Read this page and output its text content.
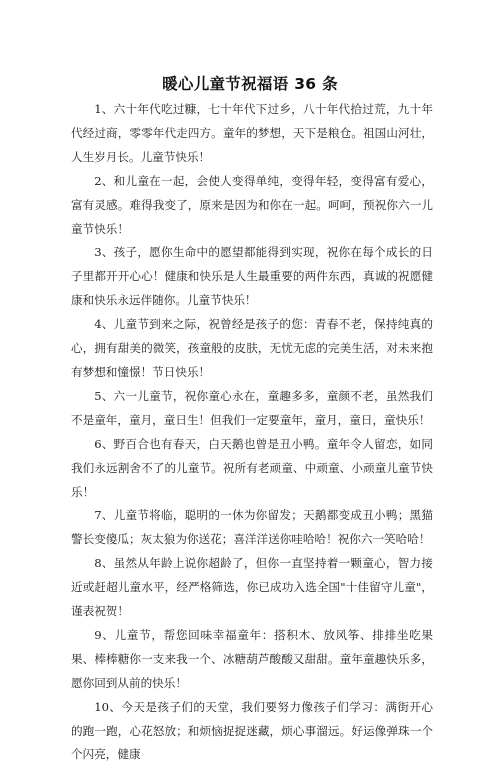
暖心儿童节祝福语 36 条

1、六十年代吃过糠，七十年代下过乡，八十年代拾过荒，九十年代经过商，零零年代走四方。童年的梦想，天下是粮仓。祖国山河壮，人生岁月长。儿童节快乐！

2、和儿童在一起，会使人变得单纯，变得年轻，变得富有爱心，富有灵感。难得我变了，原来是因为和你在一起。呵呵，预祝你六一儿童节快乐！

3、孩子，愿你生命中的愿望都能得到实现，祝你在每个成长的日子里都开开心心！健康和快乐是人生最重要的两件东西，真诚的祝愿健康和快乐永远伴随你。儿童节快乐！

4、儿童节到来之际，祝曾经是孩子的您：青春不老，保持纯真的心，拥有甜美的微笑，孩童般的皮肤，无忧无虑的完美生活，对未来抱有梦想和憧憬！节日快乐！

5、六一儿童节，祝你童心永在，童趣多多，童颜不老，虽然我们不是童年，童月，童日生！但我们一定要童年，童月，童日，童快乐！

6、野百合也有春天，白天鹅也曾是丑小鸭。童年令人留恋，如同我们永远割舍不了的儿童节。祝所有老顽童、中顽童、小顽童儿童节快乐！

7、儿童节将临，聪明的一休为你留发；天鹅都变成丑小鸭；黑猫警长变傻瓜；灰太狼为你送花；喜洋洋送你哇哈哈！祝你六一笑哈哈！

8、虽然从年龄上说你超龄了，但你一直坚持着一颗童心，智力接近或赶超儿童水平，经严格筛选，你已成功入选全国"十佳留守儿童"，谨表祝贺！

9、儿童节，帮您回味幸福童年：搭积木、放风筝、排排坐吃果果、棒棒糖你一支来我一个、冰糖葫芦酸酸又甜甜。童年童趣快乐多，愿你回到从前的快乐！

10、今天是孩子们的天堂，我们要努力像孩子们学习：满街开心的跑一跑，心花怒放；和烦恼捉捉迷藏，烦心事溜远。好运像弹珠一个个闪亮，健康
